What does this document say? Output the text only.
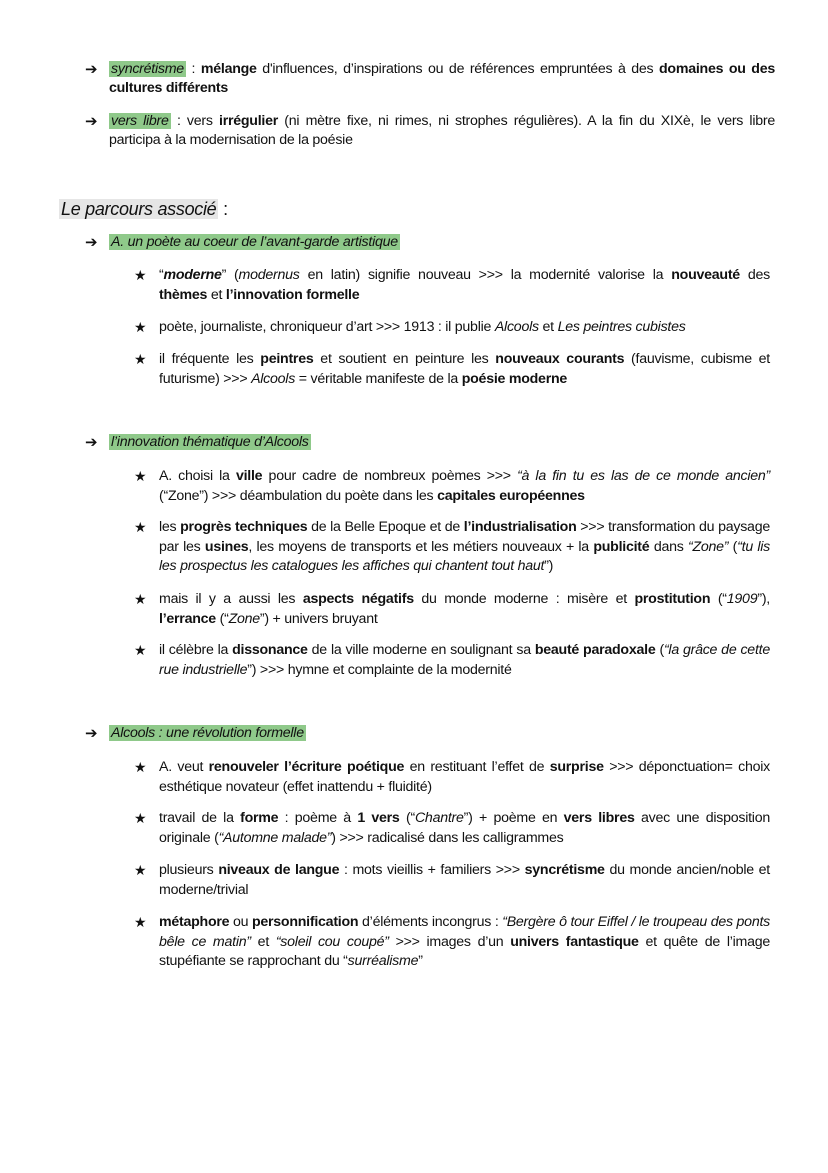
➔ syncrétisme : mélange d'influences, d’inspirations ou de références empruntées à des domaines ou des cultures différents
➔ vers libre : vers irrégulier (ni mètre fixe, ni rimes, ni strophes régulières). A la fin du XIXè, le vers libre participa à la modernisation de la poésie
Le parcours associé :
➔ A. un poète au coeur de l’avant-garde artistique
★ “moderne” (modernus en latin) signifie nouveau >>> la modernité valorise la nouveauté des thèmes et l’innovation formelle
★ poète, journaliste, chroniqueur d’art >>> 1913 : il publie Alcools et Les peintres cubistes
★ il fréquente les peintres et soutient en peinture les nouveaux courants (fauvisme, cubisme et futurisme) >>> Alcools = véritable manifeste de la poésie moderne
➔ l’innovation thématique d’Alcools
★ A. choisi la ville pour cadre de nombreux poèmes >>> “à la fin tu es las de ce monde ancien” (“Zone”) >>> déambulation du poète dans les capitales européennes
★ les progrès techniques de la Belle Epoque et de l’industrialisation >>> transformation du paysage par les usines, les moyens de transports et les métiers nouveaux + la publicité dans “Zone” (“tu lis les prospectus les catalogues les affiches qui chantent tout haut”)
★ mais il y a aussi les aspects négatifs du monde moderne : misère et prostitution (“1909”), l’errance (“Zone”) + univers bruyant
★ il célèbre la dissonance de la ville moderne en soulignant sa beauté paradoxale (“la grâce de cette rue industrielle”) >>> hymne et complainte de la modernité
➔ Alcools : une révolution formelle
★ A. veut renouveler l’écriture poétique en restituant l’effet de surprise >>> déponctuation= choix esthétique novateur (effet inattendu + fluidité)
★ travail de la forme : poème à 1 vers (“Chantre”) + poème en vers libres avec une disposition originale (“Automne malade”) >>> radicalisé dans les calligrammes
★ plusieurs niveaux de langue : mots vieillis + familiers >>> syncrétisme du monde ancien/noble et moderne/trivial
★ métaphore ou personnification d’éléments incongrus : “Bergère ô tour Eiffel / le troupeau des ponts bêle ce matin” et “soleil cou coupé” >>> images d’un univers fantastique et quête de l’image stupéfiante se rapprochant du “surréalisme”
